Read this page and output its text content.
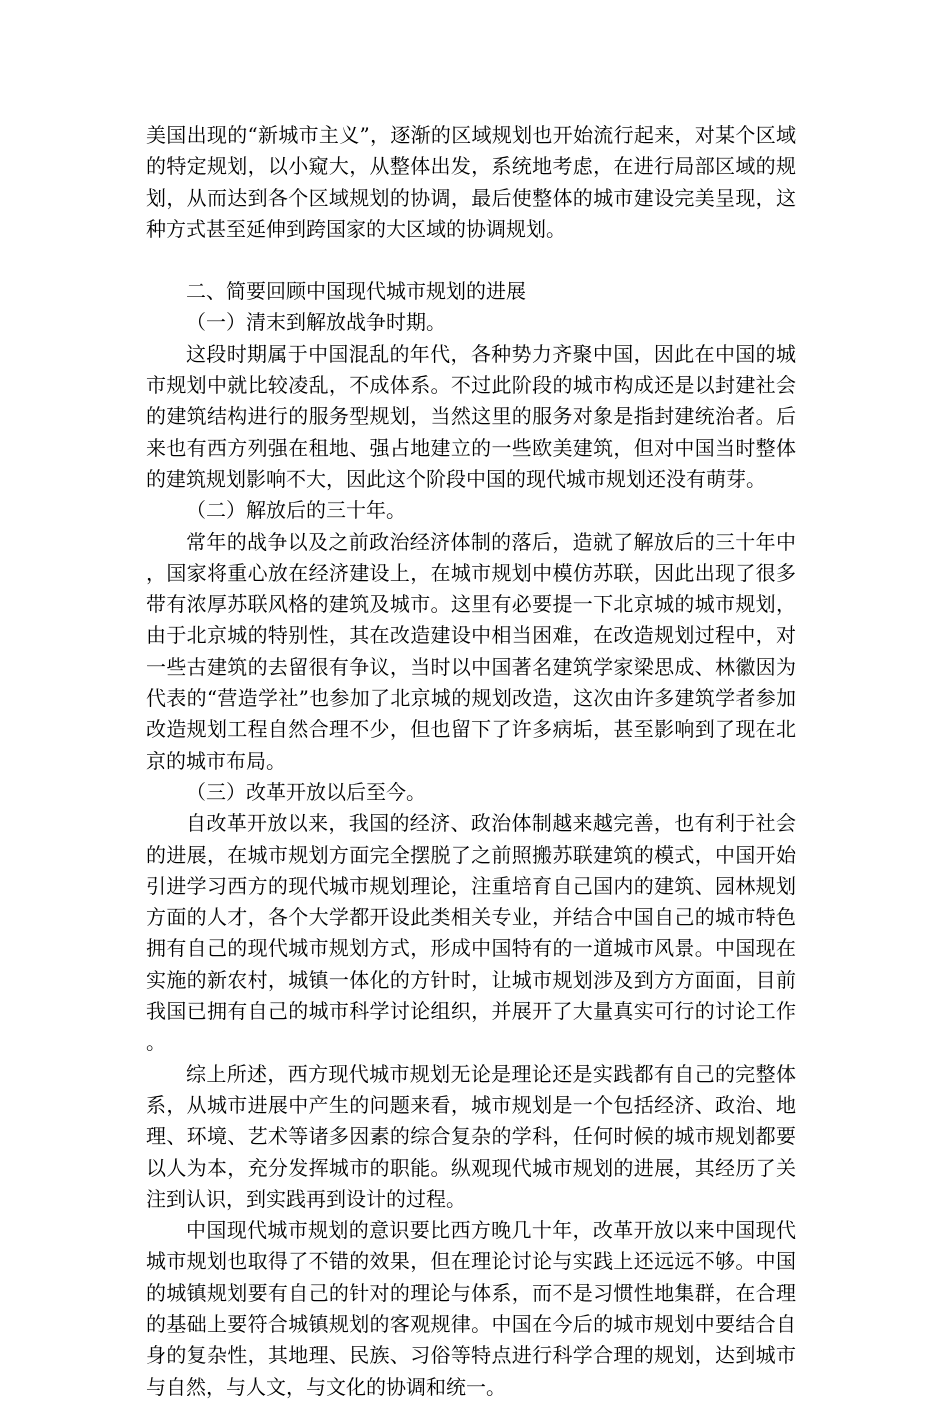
美国出现的“新城市主义”，逐渐的区域规划也开始流行起来，对某个区域的特定规划，以小窥大，从整体出发，系统地考虑，在进行局部区域的规划，从而达到各个区域规划的协调，最后使整体的城市建设完美呈现，这种方式甚至延伸到跨国家的大区域的协调规划。

二、简要回顾中国现代城市规划的进展

（一）清末到解放战争时期。

这段时期属于中国混乱的年代，各种势力齐聚中国，因此在中国的城市规划中就比较凌乱，不成体系。不过此阶段的城市构成还是以封建社会的建筑结构进行的服务型规划，当然这里的服务对象是指封建统治者。后来也有西方列强在租地、强占地建立的一些欧美建筑，但对中国当时整体的建筑规划影响不大，因此这个阶段中国的现代城市规划还没有萌芽。

（二）解放后的三十年。

常年的战争以及之前政治经济体制的落后，造就了解放后的三十年中，国家将重心放在经济建设上，在城市规划中模仿苏联，因此出现了很多带有浓厚苏联风格的建筑及城市。这里有必要提一下北京城的城市规划，由于北京城的特别性，其在改造建设中相当困难，在改造规划过程中，对一些古建筑的去留很有争议，当时以中国著名建筑学家梁思成、林徽因为代表的“营造学社”也参加了北京城的规划改造，这次由许多建筑学者参加改造规划工程自然合理不少，但也留下了许多病垢，甚至影响到了现在北京的城市布局。

（三）改革开放以后至今。

自改革开放以来，我国的经济、政治体制越来越完善，也有利于社会的进展，在城市规划方面完全摆脱了之前照搬苏联建筑的模式，中国开始引进学习西方的现代城市规划理论，注重培育自己国内的建筑、园林规划方面的人才，各个大学都开设此类相关专业，并结合中国自己的城市特色拥有自己的现代城市规划方式，形成中国特有的一道城市风景。中国现在实施的新农村，城镇一体化的方针时，让城市规划涉及到方方面面，目前我国已拥有自己的城市科学讨论组织，并展开了大量真实可行的讨论工作。

综上所述，西方现代城市规划无论是理论还是实践都有自己的完整体系，从城市进展中产生的问题来看，城市规划是一个包括经济、政治、地理、环境、艺术等诸多因素的综合复杂的学科，任何时候的城市规划都要以人为本，充分发挥城市的职能。纵观现代城市规划的进展，其经历了关注到认识，到实践再到设计的过程。

中国现代城市规划的意识要比西方晚几十年，改革开放以来中国现代城市规划也取得了不错的效果，但在理论讨论与实践上还远远不够。中国的城镇规划要有自己的针对的理论与体系，而不是习惯性地集群，在合理的基础上要符合城镇规划的客观规律。中国在今后的城市规划中要结合自身的复杂性，其地理、民族、习俗等特点进行科学合理的规划，达到城市与自然，与人文，与文化的协调和统一。
